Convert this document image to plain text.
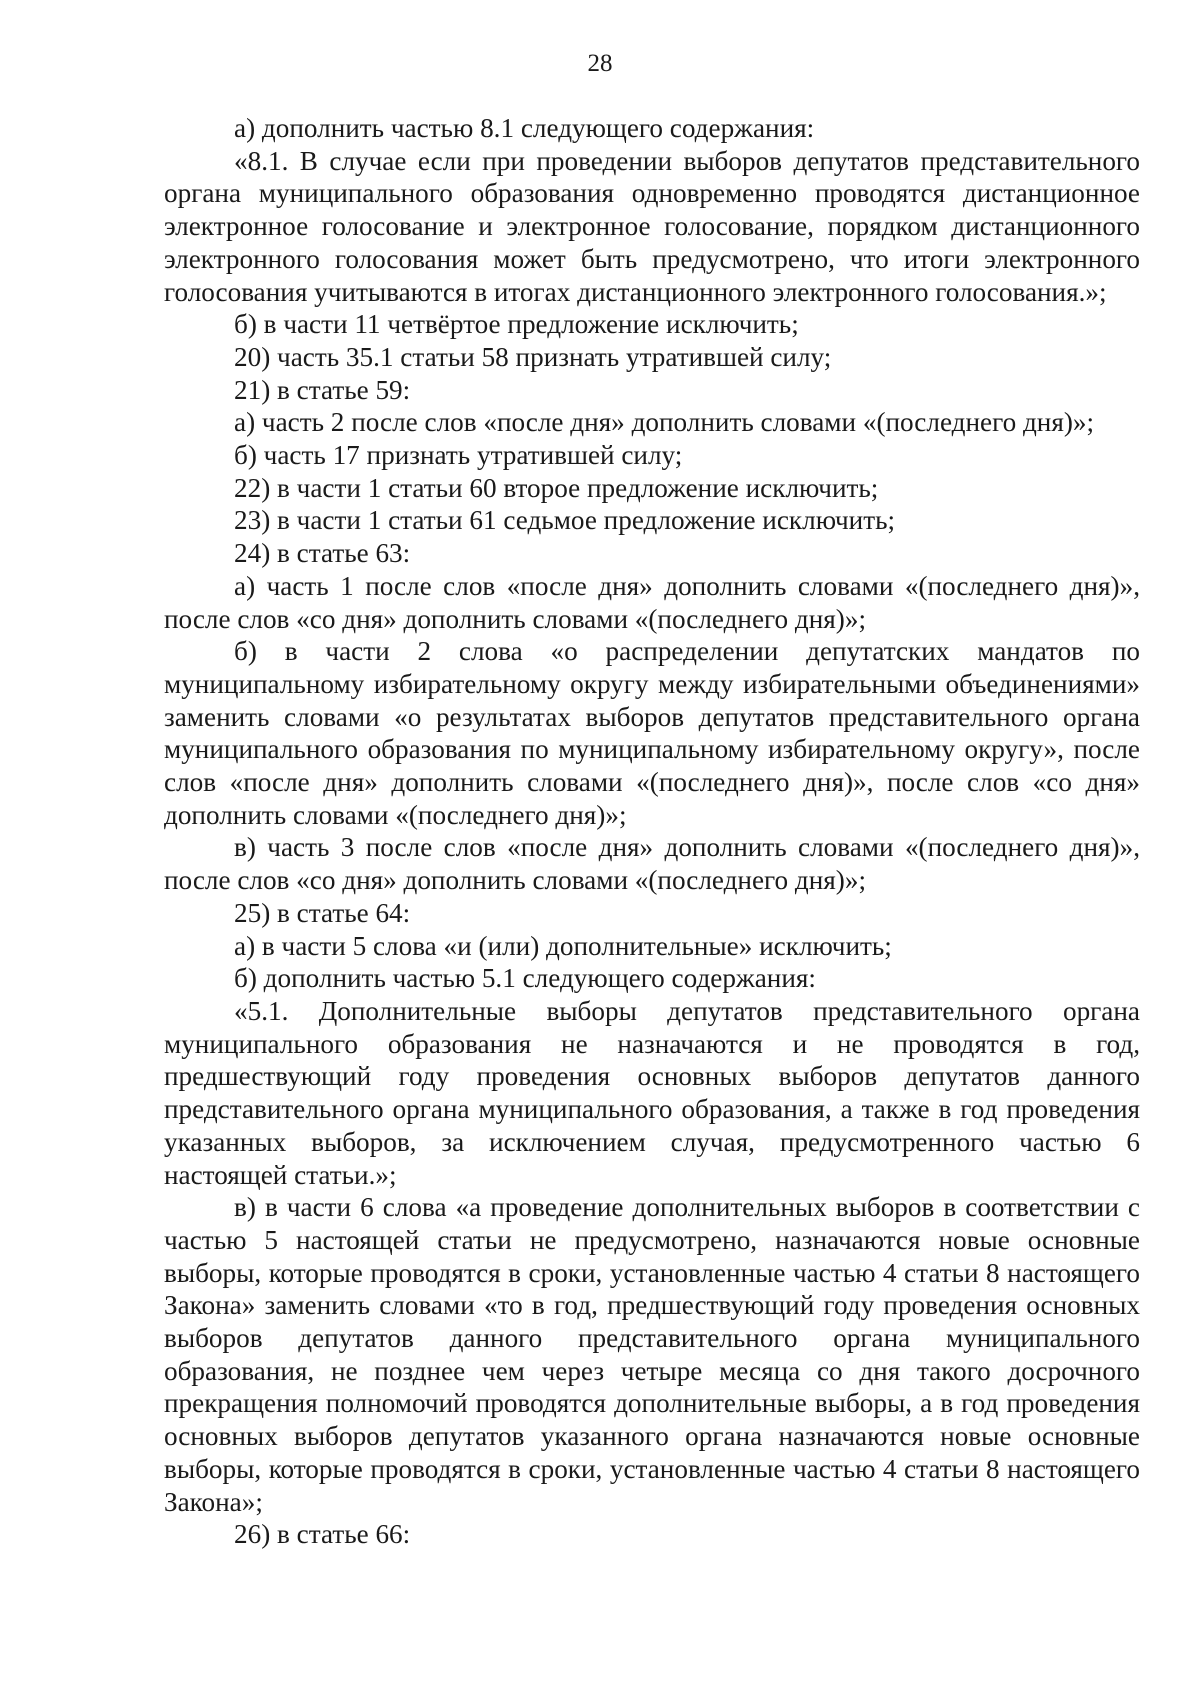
28

а) дополнить частью 8.1 следующего содержания:

«8.1. В случае если при проведении выборов депутатов представительного органа муниципального образования одновременно проводятся дистанционное электронное голосование и электронное голосование, порядком дистанционного электронного голосования может быть предусмотрено, что итоги электронного голосования учитываются в итогах дистанционного электронного голосования.»;

б) в части 11 четвёртое предложение исключить;

20) часть 35.1 статьи 58 признать утратившей силу;

21) в статье 59:

а) часть 2 после слов «после дня» дополнить словами «(последнего дня)»;

б) часть 17 признать утратившей силу;

22) в части 1 статьи 60 второе предложение исключить;

23) в части 1 статьи 61 седьмое предложение исключить;

24) в статье 63:

а) часть 1 после слов «после дня» дополнить словами «(последнего дня)», после слов «со дня» дополнить словами «(последнего дня)»;

б) в части 2 слова «о распределении депутатских мандатов по муниципальному избирательному округу между избирательными объединениями» заменить словами «о результатах выборов депутатов представительного органа муниципального образования по муниципальному избирательному округу», после слов «после дня» дополнить словами «(последнего дня)», после слов «со дня» дополнить словами «(последнего дня)»;

в) часть 3 после слов «после дня» дополнить словами «(последнего дня)», после слов «со дня» дополнить словами «(последнего дня)»;

25) в статье 64:

а) в части 5 слова «и (или) дополнительные» исключить;

б) дополнить частью 5.1 следующего содержания:

«5.1. Дополнительные выборы депутатов представительного органа муниципального образования не назначаются и не проводятся в год, предшествующий году проведения основных выборов депутатов данного представительного органа муниципального образования, а также в год проведения указанных выборов, за исключением случая, предусмотренного частью 6 настоящей статьи.»;

в) в части 6 слова «а проведение дополнительных выборов в соответствии с частью 5 настоящей статьи не предусмотрено, назначаются новые основные выборы, которые проводятся в сроки, установленные частью 4 статьи 8 настоящего Закона» заменить словами «то в год, предшествующий году проведения основных выборов депутатов данного представительного органа муниципального образования, не позднее чем через четыре месяца со дня такого досрочного прекращения полномочий проводятся дополнительные выборы, а в год проведения основных выборов депутатов указанного органа назначаются новые основные выборы, которые проводятся в сроки, установленные частью 4 статьи 8 настоящего Закона»;

26) в статье 66:
